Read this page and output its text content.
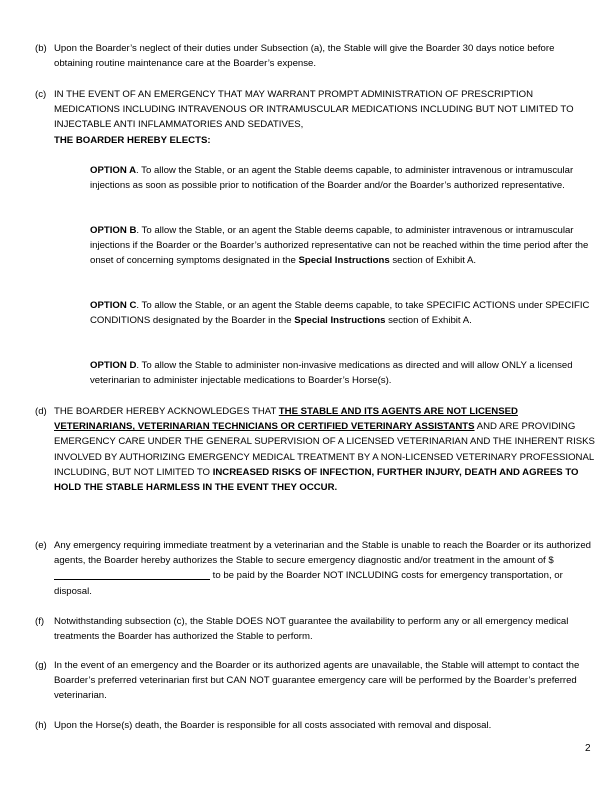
(b) Upon the Boarder’s neglect of their duties under Subsection (a), the Stable will give the Boarder 30 days notice before obtaining routine maintenance care at the Boarder’s expense.
(c) IN THE EVENT OF AN EMERGENCY THAT MAY WARRANT PROMPT ADMINISTRATION OF PRESCRIPTION MEDICATIONS INCLUDING INTRAVENOUS OR INTRAMUSCULAR MEDICATIONS INCLUDING BUT NOT LIMITED TO INJECTABLE ANTI INFLAMMATORIES AND SEDATIVES,
THE BOARDER HEREBY ELECTS:
OPTION A. To allow the Stable, or an agent the Stable deems capable, to administer intravenous or intramuscular injections as soon as possible prior to notification of the Boarder and/or the Boarder’s authorized representative.
OPTION B. To allow the Stable, or an agent the Stable deems capable, to administer intravenous or intramuscular injections if the Boarder or the Boarder’s authorized representative can not be reached within the time period after the onset of concerning symptoms designated in the Special Instructions section of Exhibit A.
OPTION C. To allow the Stable, or an agent the Stable deems capable, to take SPECIFIC ACTIONS under SPECIFIC CONDITIONS designated by the Boarder in the Special Instructions section of Exhibit A.
OPTION D. To allow the Stable to administer non-invasive medications as directed and will allow ONLY a licensed veterinarian to administer injectable medications to Boarder’s Horse(s).
(d) THE BOARDER HEREBY ACKNOWLEDGES THAT THE STABLE AND ITS AGENTS ARE NOT LICENSED VETERINARIANS, VETERINARIAN TECHNICIANS OR CERTIFIED VETERINARY ASSISTANTS AND ARE PROVIDING EMERGENCY CARE UNDER THE GENERAL SUPERVISION OF A LICENSED VETERINARIAN AND THE INHERENT RISKS INVOLVED BY AUTHORIZING EMERGENCY MEDICAL TREATMENT BY A NON-LICENSED VETERINARY PROFESSIONAL INCLUDING, BUT NOT LIMITED TO INCREASED RISKS OF INFECTION, FURTHER INJURY, DEATH AND AGREES TO HOLD THE STABLE HARMLESS IN THE EVENT THEY OCCUR.
(e) Any emergency requiring immediate treatment by a veterinarian and the Stable is unable to reach the Boarder or its authorized agents, the Boarder hereby authorizes the Stable to secure emergency diagnostic and/or treatment in the amount of $ to be paid by the Boarder NOT INCLUDING costs for emergency transportation, or disposal.
(f) Notwithstanding subsection (c), the Stable DOES NOT guarantee the availability to perform any or all emergency medical treatments the Boarder has authorized the Stable to perform.
(g) In the event of an emergency and the Boarder or its authorized agents are unavailable, the Stable will attempt to contact the Boarder’s preferred veterinarian first but CAN NOT guarantee emergency care will be performed by the Boarder’s preferred veterinarian.
(h) Upon the Horse(s) death, the Boarder is responsible for all costs associated with removal and disposal.
2
